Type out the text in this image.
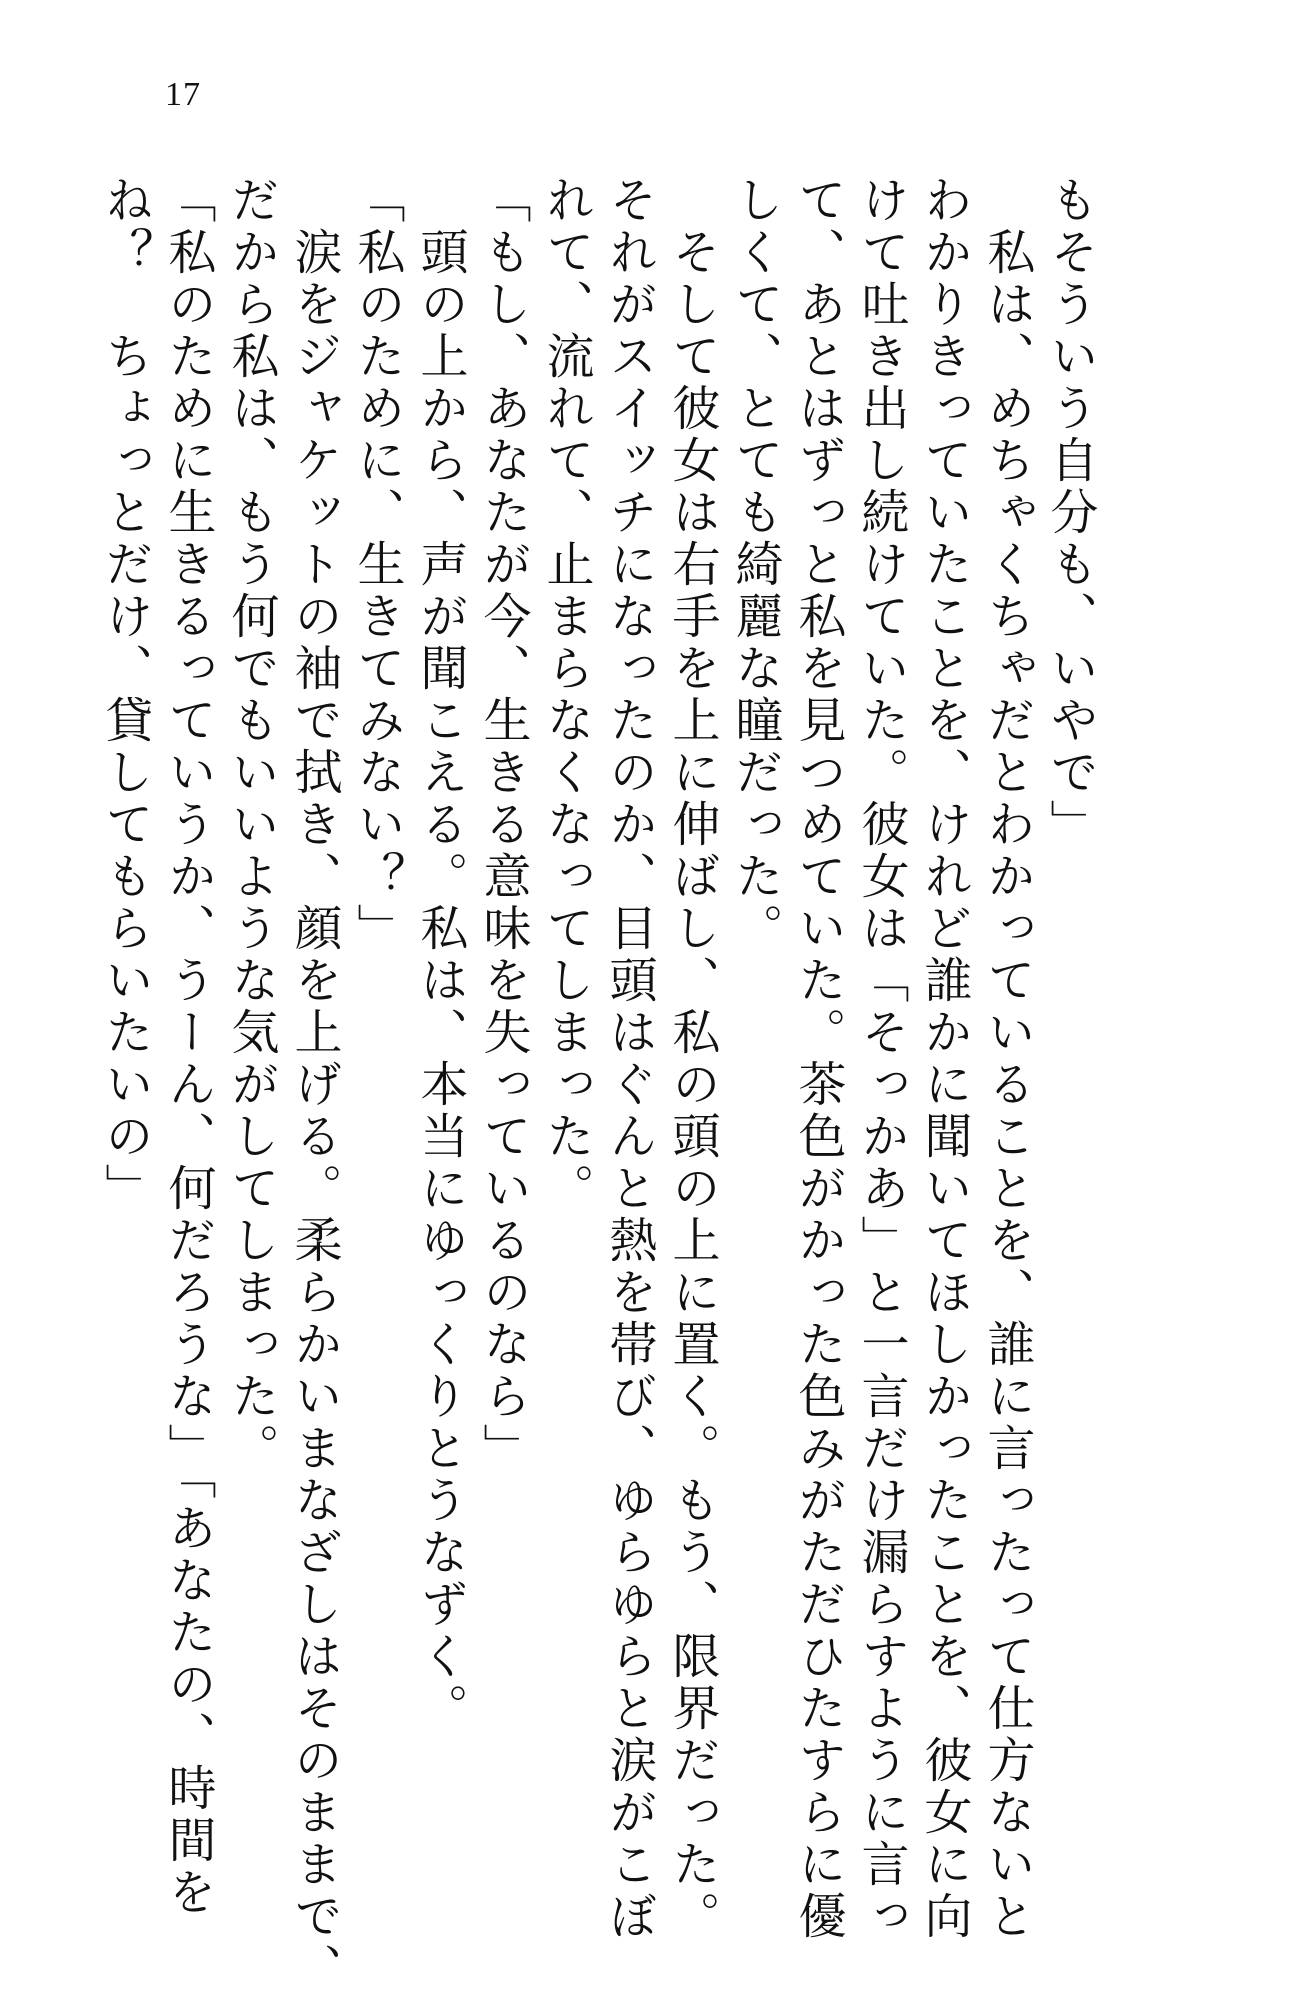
17
もそういう自分も、いやで」
　私は、めちゃくちゃだとわかっていることを、誰に言ったって仕方ないと
わかりきっていたことを、けれど誰かに聞いてほしかったことを、彼女に向
けて吐き出し続けていた。彼女は「そっかあ」と一言だけ漏らすように言っ
て、あとはずっと私を見つめていた。茶色がかった色みがただひたすらに優
しくて、とても綺麗な瞳だった。
　そして彼女は右手を上に伸ばし、私の頭の上に置く。もう、限界だった。
それがスイッチになったのか、目頭はぐんと熱を帯び、ゆらゆらと涙がこぼ
れて、流れて、止まらなくなってしまった。
「もし、あなたが今、生きる意味を失っているのなら」
　頭の上から、声が聞こえる。私は、本当にゆっくりとうなずく。
「私のために、生きてみない？」
　涙をジャケットの袖で拭き、顔を上げる。柔らかいまなざしはそのままで、
だから私は、もう何でもいいような気がしてしまった。
「私のために生きるっていうか、うーん、何だろうな」「あなたの、時間を
ね？　ちょっとだけ、貸してもらいたいの」
